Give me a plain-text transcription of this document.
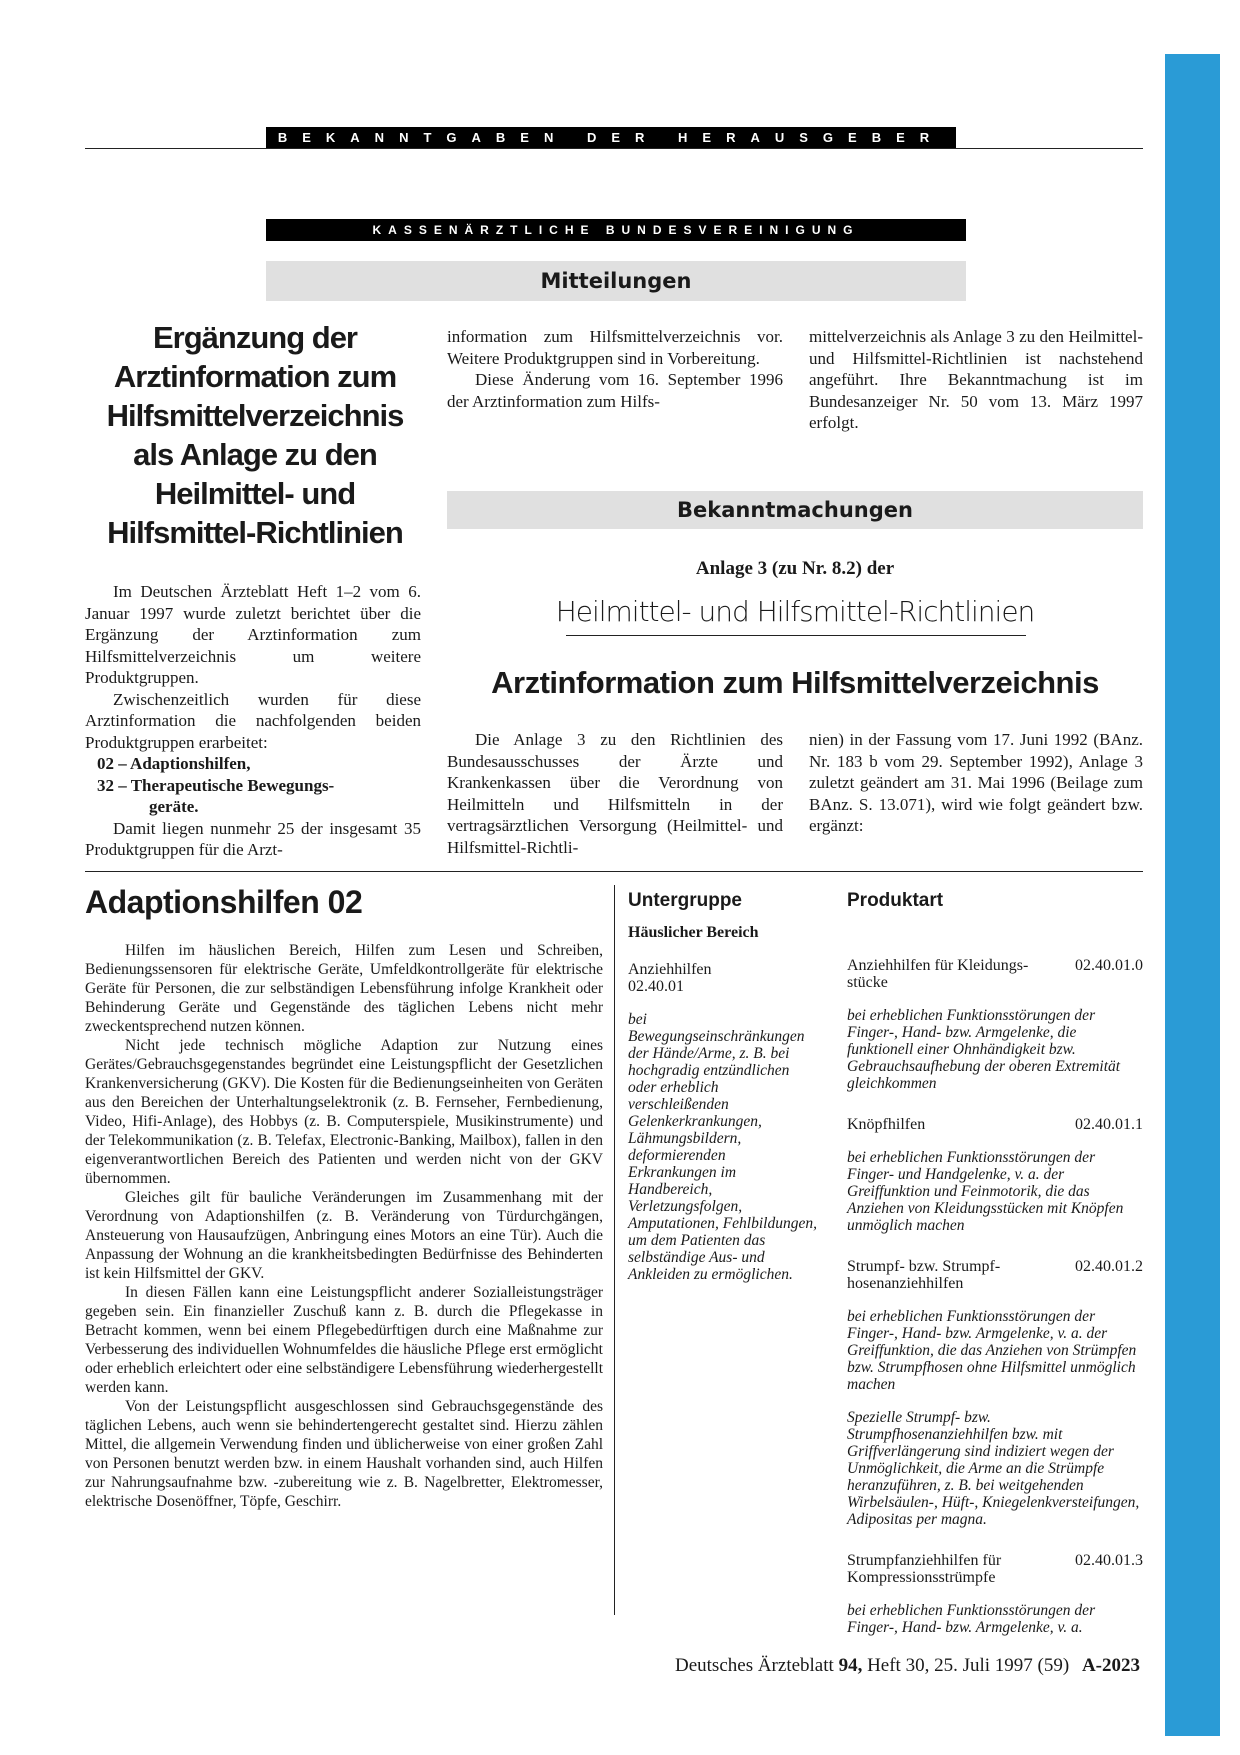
BEKANNTGABEN DER HERAUSGEBER
KASSENÄRZTLICHE BUNDESVEREINIGUNG
Mitteilungen
Ergänzung der
Arztinformation zum
Hilfsmittelverzeichnis
als Anlage zu den
Heilmittel- und
Hilfsmittel-Richtlinien

Im Deutschen Ärzteblatt Heft 1–2 vom 6. Januar 1997 wurde zuletzt berichtet über die Ergänzung der Arztinformation zum Hilfsmittelverzeichnis um weitere Produktgruppen.

Zwischenzeitlich wurden für diese Arztinformation die nachfolgenden beiden Produktgruppen erarbeitet:

02 – Adaptionshilfen,

32 – Therapeutische Bewegungs-

geräte.

Damit liegen nunmehr 25 der insgesamt 35 Produktgruppen für die Arzt-

information zum Hilfsmittelverzeichnis vor. Weitere Produktgruppen sind in Vorbereitung.

Diese Änderung vom 16. September 1996 der Arztinformation zum Hilfs-

mittelverzeichnis als Anlage 3 zu den Heilmittel- und Hilfsmittel-Richtlinien ist nachstehend angeführt. Ihre Bekanntmachung ist im Bundesanzeiger Nr. 50 vom 13. März 1997 erfolgt.

Bekanntmachungen
Anlage 3 (zu Nr. 8.2) der
Heilmittel- und Hilfsmittel-Richtlinien
Arztinformation zum Hilfsmittelverzeichnis

Die Anlage 3 zu den Richtlinien des Bundesausschusses der Ärzte und Krankenkassen über die Verordnung von Heilmitteln und Hilfsmitteln in der vertragsärztlichen Versorgung (Heilmittel- und Hilfsmittel-Richtli-

nien) in der Fassung vom 17. Juni 1992 (BAnz. Nr. 183 b vom 29. September 1992), Anlage 3 zuletzt geändert am 31. Mai 1996 (Beilage zum BAnz. S. 13.071), wird wie folgt geändert bzw. ergänzt:

Adaptionshilfen 02

Hilfen im häuslichen Bereich, Hilfen zum Lesen und Schreiben, Bedienungssensoren für elektrische Geräte, Umfeldkontrollgeräte für elektrische Geräte für Personen, die zur selbständigen Lebensführung infolge Krankheit oder Behinderung Geräte und Gegenstände des täglichen Lebens nicht mehr zweckentsprechend nutzen können.

Nicht jede technisch mögliche Adaption zur Nutzung eines Gerätes/Gebrauchsgegenstandes begründet eine Leistungspflicht der Gesetzlichen Krankenversicherung (GKV). Die Kosten für die Bedienungseinheiten von Geräten aus den Bereichen der Unterhaltungselektronik (z. B. Fernseher, Fernbedienung, Video, Hifi-Anlage), des Hobbys (z. B. Computerspiele, Musikinstrumente) und der Telekommunikation (z. B. Telefax, Electronic-Banking, Mailbox), fallen in den eigenverantwortlichen Bereich des Patienten und werden nicht von der GKV übernommen.

Gleiches gilt für bauliche Veränderungen im Zusammenhang mit der Verordnung von Adaptionshilfen (z. B. Veränderung von Türdurchgängen, Ansteuerung von Hausaufzügen, Anbringung eines Motors an eine Tür). Auch die Anpassung der Wohnung an die krankheitsbedingten Bedürfnisse des Behinderten ist kein Hilfsmittel der GKV.

In diesen Fällen kann eine Leistungspflicht anderer Sozialleistungsträger gegeben sein. Ein finanzieller Zuschuß kann z. B. durch die Pflegekasse in Betracht kommen, wenn bei einem Pflegebedürftigen durch eine Maßnahme zur Verbesserung des individuellen Wohnumfeldes die häusliche Pflege erst ermöglicht oder erheblich erleichtert oder eine selbständigere Lebensführung wiederhergestellt werden kann.

Von der Leistungspflicht ausgeschlossen sind Gebrauchsgegenstände des täglichen Lebens, auch wenn sie behindertengerecht gestaltet sind. Hierzu zählen Mittel, die allgemein Verwendung finden und üblicherweise von einer großen Zahl von Personen benutzt werden bzw. in einem Haushalt vorhanden sind, auch Hilfen zur Nahrungsaufnahme bzw. -zubereitung wie z. B. Nagelbretter, Elektromesser, elektrische Dosenöffner, Töpfe, Geschirr.

Untergruppe
Häuslicher Bereich
Anziehhilfen
02.40.01
bei Bewegungseinschränkungen der Hände/Arme, z. B. bei hochgradig entzündlichen oder erheblich verschleißenden Gelenkerkrankungen, Lähmungsbildern, deformierenden Erkrankungen im Handbereich, Verletzungsfolgen, Amputationen, Fehlbildungen, um dem Patienten das selbständige Aus- und Ankleiden zu ermöglichen.
Produktart
Anziehhilfen für Kleidungs-stücke
02.40.01.0
bei erheblichen Funktionsstörungen der Finger-, Hand- bzw. Armgelenke, die funktionell einer Ohnhändigkeit bzw. Gebrauchsaufhebung der oberen Extremität gleichkommen
Knöpfhilfen	02.40.01.1
bei erheblichen Funktionsstörungen der Finger- und Handgelenke, v. a. der Greiffunktion und Feinmotorik, die das Anziehen von Kleidungsstücken mit Knöpfen unmöglich machen
Strumpf- bzw. Strumpf-hosenanziehhilfen
02.40.01.2
bei erheblichen Funktionsstörungen der Finger-, Hand- bzw. Armgelenke, v. a. der Greiffunktion, die das Anziehen von Strümpfen bzw. Strumpfhosen ohne Hilfsmittel unmöglich machen
Spezielle Strumpf- bzw. Strumpfhosenanziehhilfen bzw. mit Griffverlängerung sind indiziert wegen der Unmöglichkeit, die Arme an die Strümpfe heranzuführen, z. B. bei weitgehenden Wirbelsäulen-, Hüft-, Kniegelenkversteifungen, Adipositas per magna.
Strumpfanziehhilfen für Kompressionsstrümpfe
02.40.01.3
bei erheblichen Funktionsstörungen der Finger-, Hand- bzw. Armgelenke, v. a.
Deutsches Ärzteblatt 94, Heft 30, 25. Juli 1997 (59) A-2023
